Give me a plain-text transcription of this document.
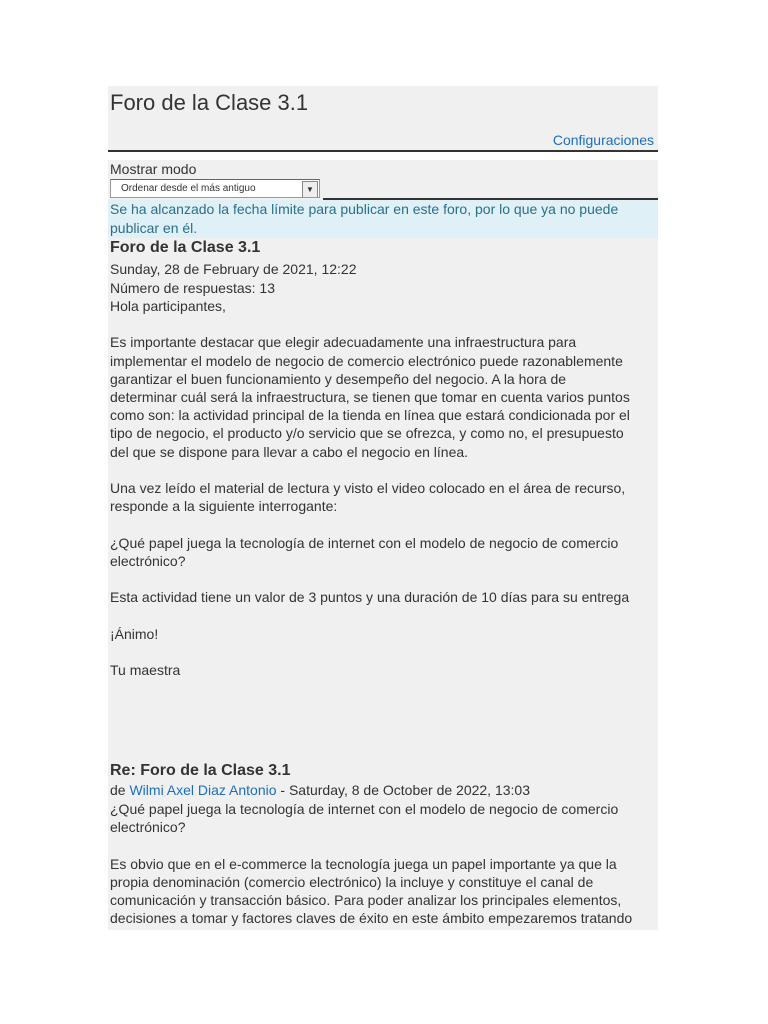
Foro de la Clase 3.1
Configuraciones
Mostrar modo
Ordenar desde el más antiguo	▼
Se ha alcanzado la fecha límite para publicar en este foro, por lo que ya no puede
publicar en él.
Foro de la Clase 3.1
Sunday, 28 de February de 2021, 12:22
Número de respuestas: 13
Hola participantes,
Es importante destacar que elegir adecuadamente una infraestructura para
implementar el modelo de negocio de comercio electrónico puede razonablemente
garantizar el buen funcionamiento y desempeño del negocio. A la hora de
determinar cuál será la infraestructura, se tienen que tomar en cuenta varios puntos
como son: la actividad principal de la tienda en línea que estará condicionada por el
tipo de negocio, el producto y/o servicio que se ofrezca, y como no, el presupuesto
del que se dispone para llevar a cabo el negocio en línea.
Una vez leído el material de lectura y visto el video colocado en el área de recurso,
responde a la siguiente interrogante:
¿Qué papel juega la tecnología de internet con el modelo de negocio de comercio
electrónico?
Esta actividad tiene un valor de 3 puntos y una duración de 10 días para su entrega
¡Ánimo!
Tu maestra
Re: Foro de la Clase 3.1
de Wilmi Axel Diaz Antonio - Saturday, 8 de October de 2022, 13:03
¿Qué papel juega la tecnología de internet con el modelo de negocio de comercio
electrónico?
Es obvio que en el e-commerce la tecnología juega un papel importante ya que la
propia denominación (comercio electrónico) la incluye y constituye el canal de
comunicación y transacción básico. Para poder analizar los principales elementos,
decisiones a tomar y factores claves de éxito en este ámbito empezaremos tratando
